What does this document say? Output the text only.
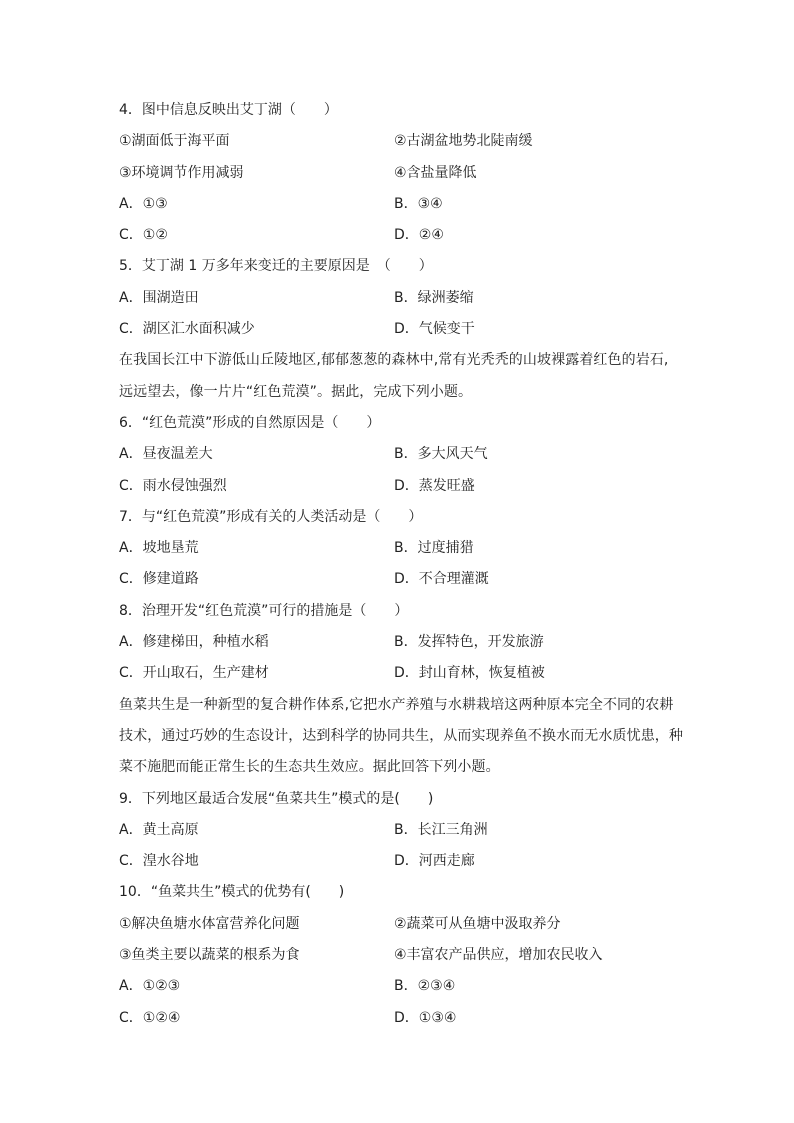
4．图中信息反映出艾丁湖（　　）
①湖面低于海平面	②古湖盆地势北陡南缓
③环境调节作用减弱	④含盐量降低
A．①③	B．③④
C．①②	D．②④
5．艾丁湖 1 万多年来变迁的主要原因是　（　　）
A．围湖造田	B．绿洲萎缩
C．湖区汇水面积减少	D．气候变干
在我国长江中下游低山丘陵地区,郁郁葱葱的森林中,常有光秃秃的山坡裸露着红色的岩石,
远远望去，像一片片“红色荒漠”。据此，完成下列小题。
6．“红色荒漠”形成的自然原因是（　　）
A．昼夜温差大	B．多大风天气
C．雨水侵蚀强烈	D．蒸发旺盛
7．与“红色荒漠”形成有关的人类活动是（　　）
A．坡地垦荒	B．过度捕猎
C．修建道路	D．不合理灌溉
8．治理开发“红色荒漠”可行的措施是（　　）
A．修建梯田，种植水稻	B．发挥特色，开发旅游
C．开山取石，生产建材	D．封山育林，恢复植被
鱼菜共生是一种新型的复合耕作体系,它把水产养殖与水耕栽培这两种原本完全不同的农耕
技术，通过巧妙的生态设计，达到科学的协同共生，从而实现养鱼不换水而无水质忧患，种
菜不施肥而能正常生长的生态共生效应。据此回答下列小题。
9．下列地区最适合发展“鱼菜共生”模式的是(　　)
A．黄土高原	B．长江三角洲
C．湟水谷地	D．河西走廊
10．“鱼菜共生”模式的优势有(　　)
①解决鱼塘水体富营养化问题	②蔬菜可从鱼塘中汲取养分
③鱼类主要以蔬菜的根系为食	④丰富农产品供应，增加农民收入
A．①②③	B．②③④
C．①②④	D．①③④
